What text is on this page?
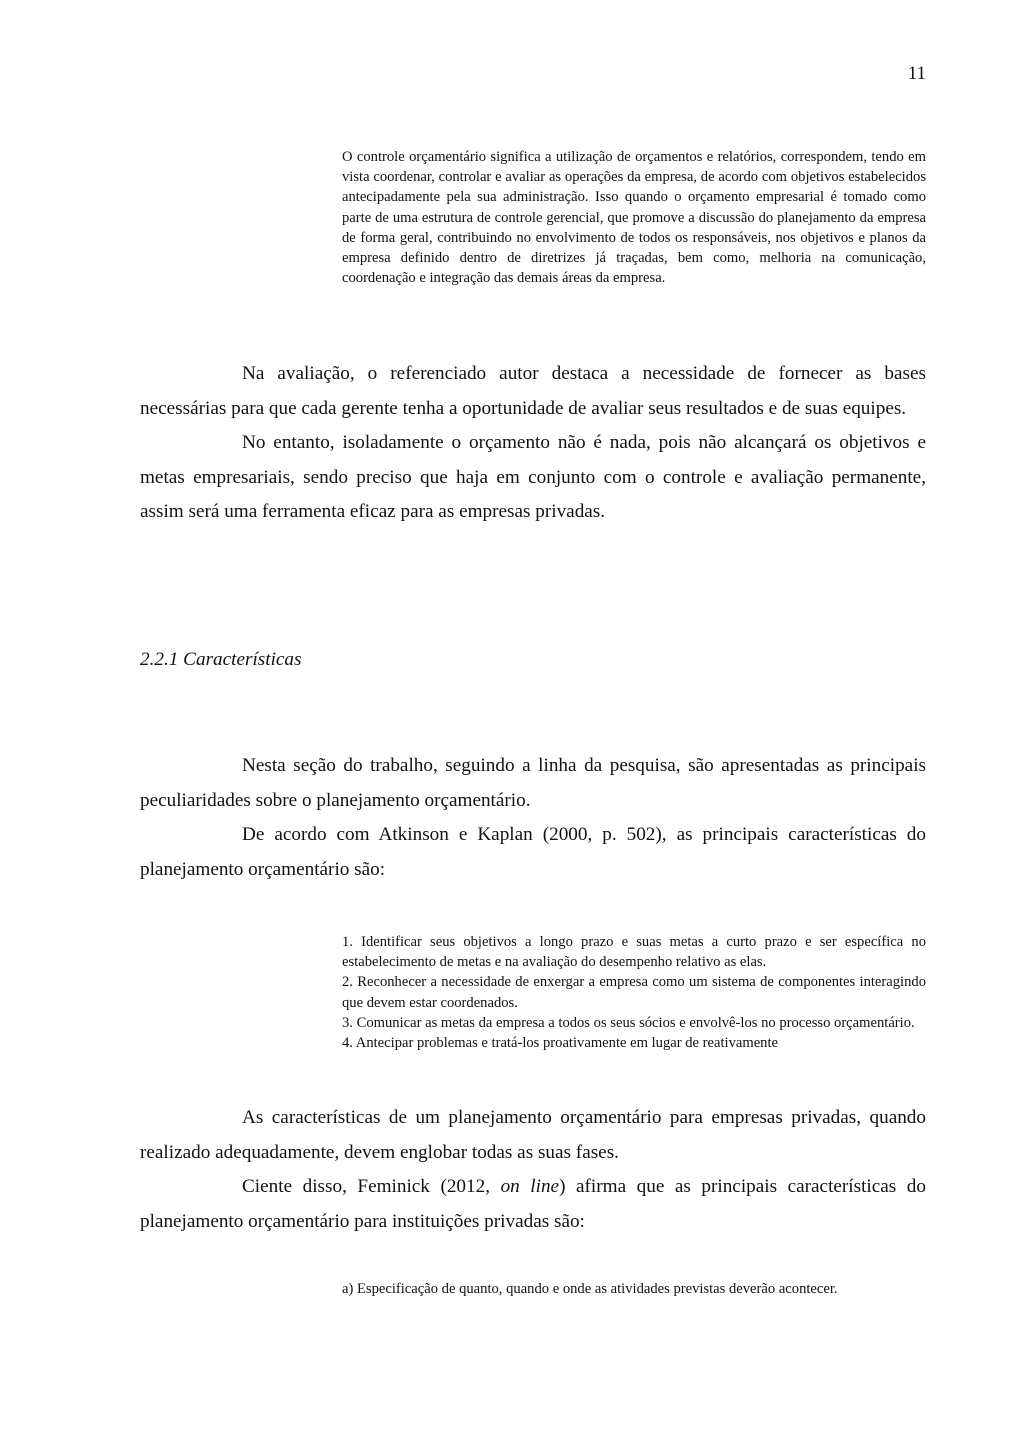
11

O controle orçamentário significa a utilização de orçamentos e relatórios, correspondem, tendo em vista coordenar, controlar e avaliar as operações da empresa, de acordo com objetivos estabelecidos antecipadamente pela sua administração. Isso quando o orçamento empresarial é tomado como parte de uma estrutura de controle gerencial, que promove a discussão do planejamento da empresa de forma geral, contribuindo no envolvimento de todos os responsáveis, nos objetivos e planos da empresa definido dentro de diretrizes já traçadas, bem como, melhoria na comunicação, coordenação e integração das demais áreas da empresa.

Na avaliação, o referenciado autor destaca a necessidade de fornecer as bases necessárias para que cada gerente tenha a oportunidade de avaliar seus resultados e de suas equipes.

No entanto, isoladamente o orçamento não é nada, pois não alcançará os objetivos e metas empresariais, sendo preciso que haja em conjunto com o controle e avaliação permanente, assim será uma ferramenta eficaz para as empresas privadas.

2.2.1 Características

Nesta seção do trabalho, seguindo a linha da pesquisa, são apresentadas as principais peculiaridades sobre o planejamento orçamentário.

De acordo com Atkinson e Kaplan (2000, p. 502), as principais características do planejamento orçamentário são:

1. Identificar seus objetivos a longo prazo e suas metas a curto prazo e ser específica no estabelecimento de metas e na avaliação do desempenho relativo as elas.

2. Reconhecer a necessidade de enxergar a empresa como um sistema de componentes interagindo que devem estar coordenados.

3. Comunicar as metas da empresa a todos os seus sócios e envolvê-los no processo orçamentário.

4. Antecipar problemas e tratá-los proativamente em lugar de reativamente

As características de um planejamento orçamentário para empresas privadas, quando realizado adequadamente, devem englobar todas as suas fases.

Ciente disso, Feminick (2012, on line) afirma que as principais características do planejamento orçamentário para instituições privadas são:

a) Especificação de quanto, quando e onde as atividades previstas deverão acontecer.
